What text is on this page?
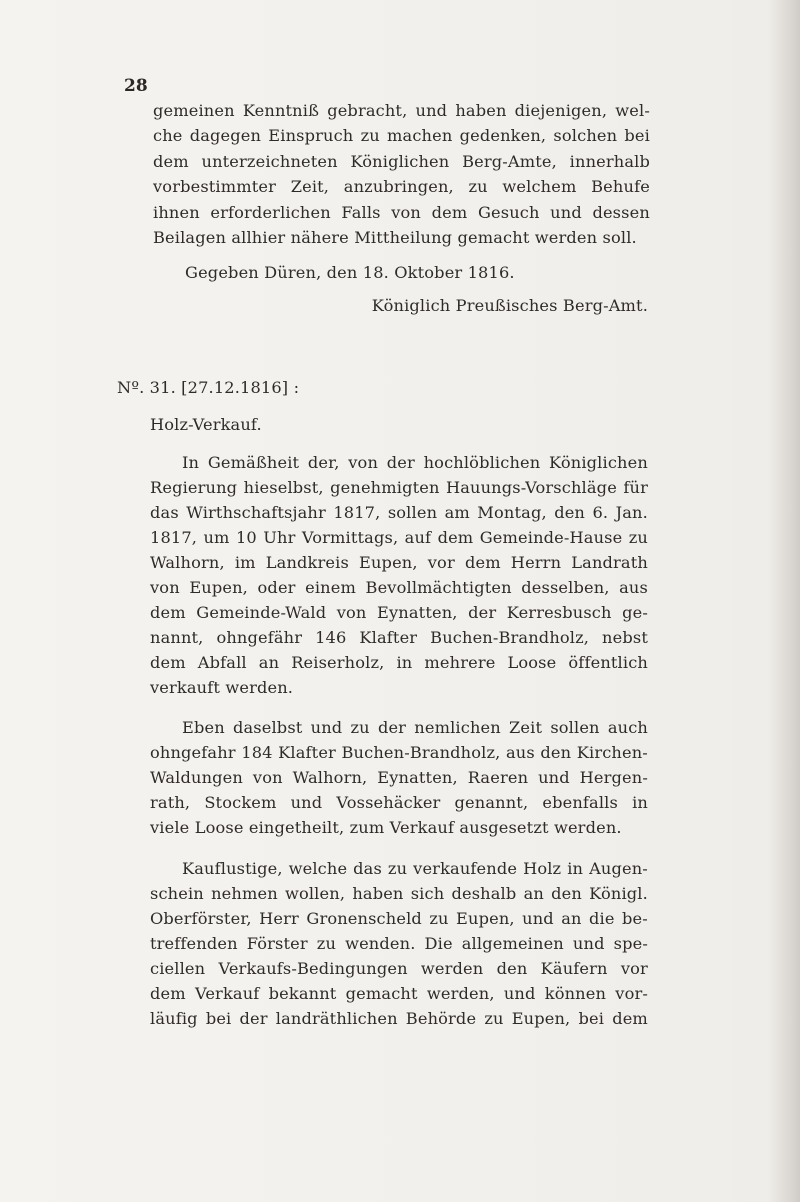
28
gemeinen Kenntniß gebracht, und haben diejenigen, wel-
che dagegen Einspruch zu machen gedenken, solchen bei
dem unterzeichneten Königlichen Berg-Amte, innerhalb
vorbestimmter Zeit, anzubringen, zu welchem Behufe
ihnen erforderlichen Falls von dem Gesuch und dessen
Beilagen allhier nähere Mittheilung gemacht werden soll.
Gegeben Düren, den 18. Oktober 1816.
Königlich Preußisches Berg-Amt.
Nº. 31. [27.12.1816] :
Holz-Verkauf.
In Gemäßheit der, von der hochlöblichen Königlichen
Regierung hieselbst, genehmigten Hauungs-Vorschläge für
das Wirthschaftsjahr 1817, sollen am Montag, den 6. Jan.
1817, um 10 Uhr Vormittags, auf dem Gemeinde-Hause zu
Walhorn, im Landkreis Eupen, vor dem Herrn Landrath
von Eupen, oder einem Bevollmächtigten desselben, aus
dem Gemeinde-Wald von Eynatten, der Kerresbusch ge-
nannt, ohngefähr 146 Klafter Buchen-Brandholz, nebst
dem Abfall an Reiserholz, in mehrere Loose öffentlich
verkauft werden.
Eben daselbst und zu der nemlichen Zeit sollen auch
ohngefahr 184 Klafter Buchen-Brandholz, aus den Kirchen-
Waldungen von Walhorn, Eynatten, Raeren und Hergen-
rath, Stockem und Vossehäcker genannt, ebenfalls in
viele Loose eingetheilt, zum Verkauf ausgesetzt werden.
Kauflustige, welche das zu verkaufende Holz in Augen-
schein nehmen wollen, haben sich deshalb an den Königl.
Oberförster, Herr Gronenscheld zu Eupen, und an die be-
treffenden Förster zu wenden. Die allgemeinen und spe-
ciellen Verkaufs-Bedingungen werden den Käufern vor
dem Verkauf bekannt gemacht werden, und können vor-
läufig bei der landräthlichen Behörde zu Eupen, bei dem
